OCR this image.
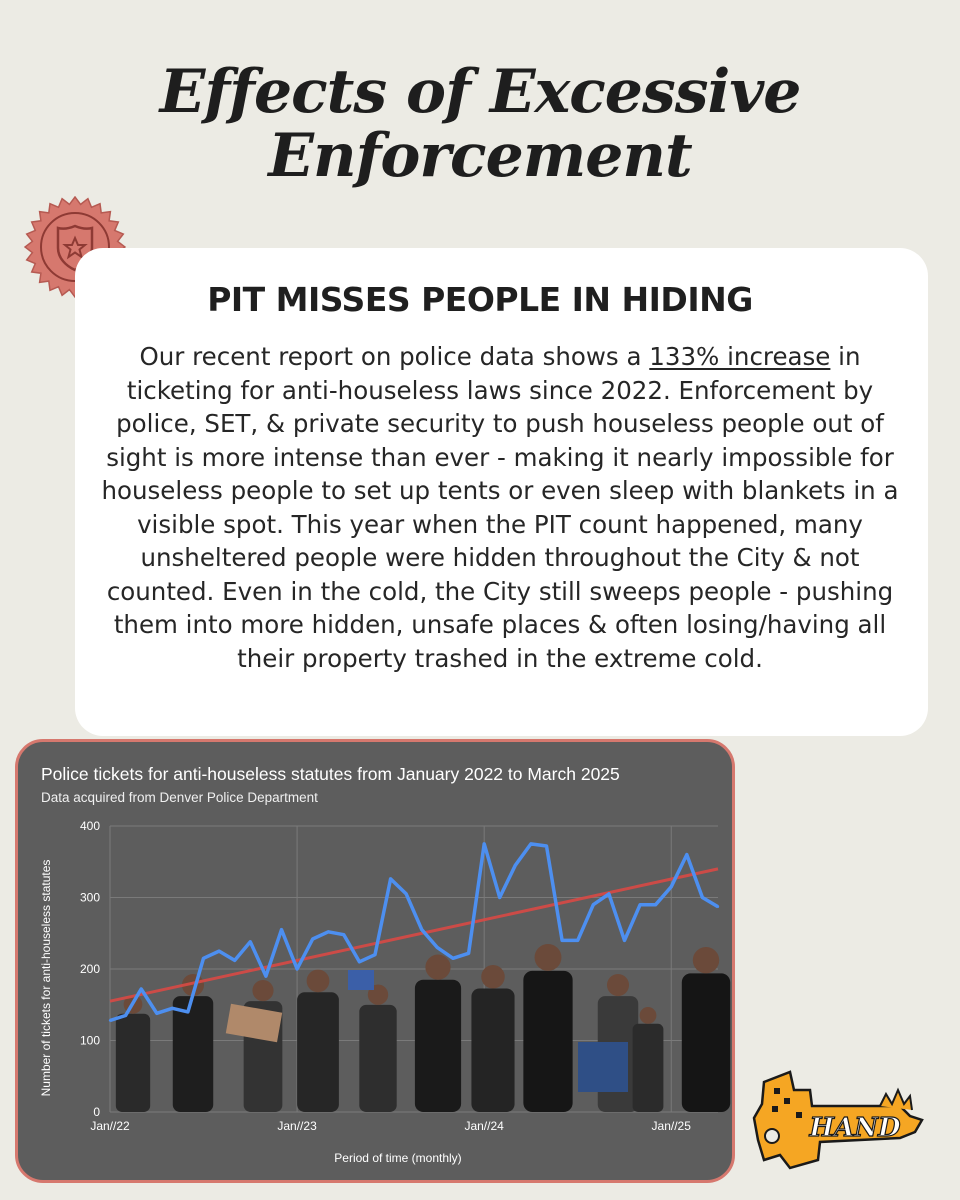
Effects of Excessive
Enforcement
PIT MISSES PEOPLE IN HIDING

Our recent report on police data shows a 133% increase in ticketing for anti-houseless laws since 2022. Enforcement by police, SET, & private security to push houseless people out of sight is more intense than ever - making it nearly impossible for houseless people to set up tents or even sleep with blankets in a visible spot. This year when the PIT count happened, many unsheltered people were hidden throughout the City & not counted. Even in the cold, the City still sweeps people - pushing them into more hidden, unsafe places & often losing/having all their property trashed in the extreme cold.

Police tickets for anti-houseless statutes from January 2022 to March 2025
Data acquired from Denver Police Department
0
100
200
300
400
Jan//22	Jan//23	Jan//24	Jan//25
Period of time (monthly)
Number of tickets for anti-houseless statutes
HAND
